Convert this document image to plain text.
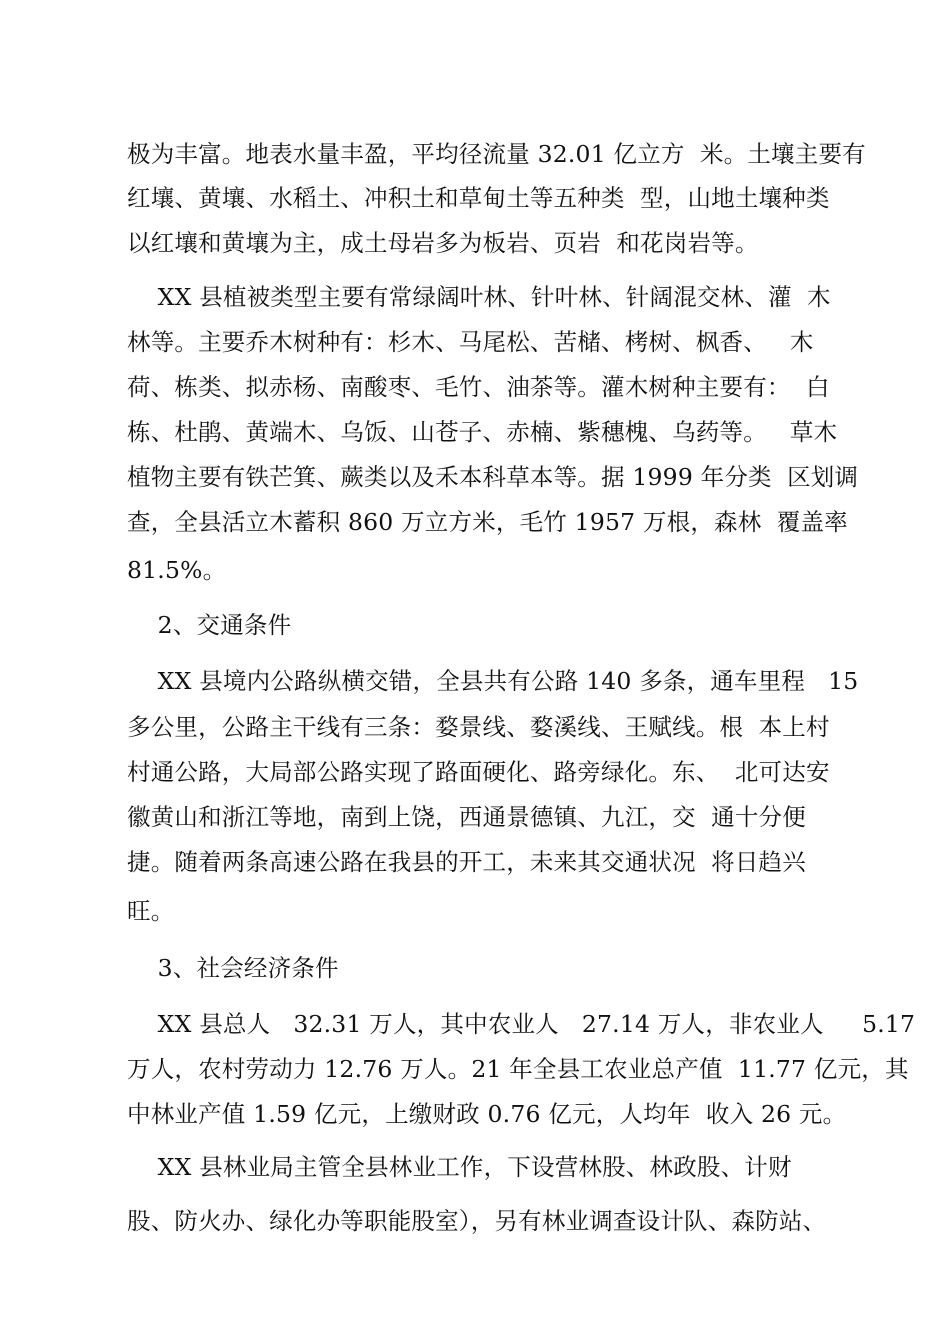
极为丰富。地表水量丰盈，平均径流量 32.01 亿立方  米。土壤主要有
红壤、黄壤、水稻土、冲积土和草甸土等五种类  型，山地土壤种类
以红壤和黄壤为主，成土母岩多为板岩、页岩  和花岗岩等。
XX 县植被类型主要有常绿阔叶林、针叶林、针阔混交林、灌  木
林等。主要乔木树种有：杉木、马尾松、苦槠、栲树、枫香、   木
荷、栋类、拟赤杨、南酸枣、毛竹、油茶等。灌木树种主要有：  白
栋、杜鹃、黄端木、乌饭、山苍子、赤楠、紫穗槐、乌药等。   草木
植物主要有铁芒箕、蕨类以及禾本科草本等。据 1999 年分类  区划调
查，全县活立木蓄积 860 万立方米，毛竹 1957 万根，森林  覆盖率
81.5%。
2、交通条件
XX 县境内公路纵横交错，全县共有公路 140 多条，通车里程   15
多公里，公路主干线有三条：婺景线、婺溪线、王赋线。根  本上村
村通公路，大局部公路实现了路面硬化、路旁绿化。东、  北可达安
徽黄山和浙江等地，南到上饶，西通景德镇、九江，交  通十分便
捷。随着两条高速公路在我县的开工，未来其交通状况  将日趋兴
旺。
3、社会经济条件
XX 县总人   32.31 万人，其中农业人   27.14 万人，非农业人     5.17
万人，农村劳动力 12.76 万人。21 年全县工农业总产值  11.77 亿元，其
中林业产值 1.59 亿元，上缴财政 0.76 亿元，人均年  收入 26 元。
XX 县林业局主管全县林业工作，下设营林股、林政股、计财
股、防火办、绿化办等职能股室），另有林业调查设计队、森防站、
